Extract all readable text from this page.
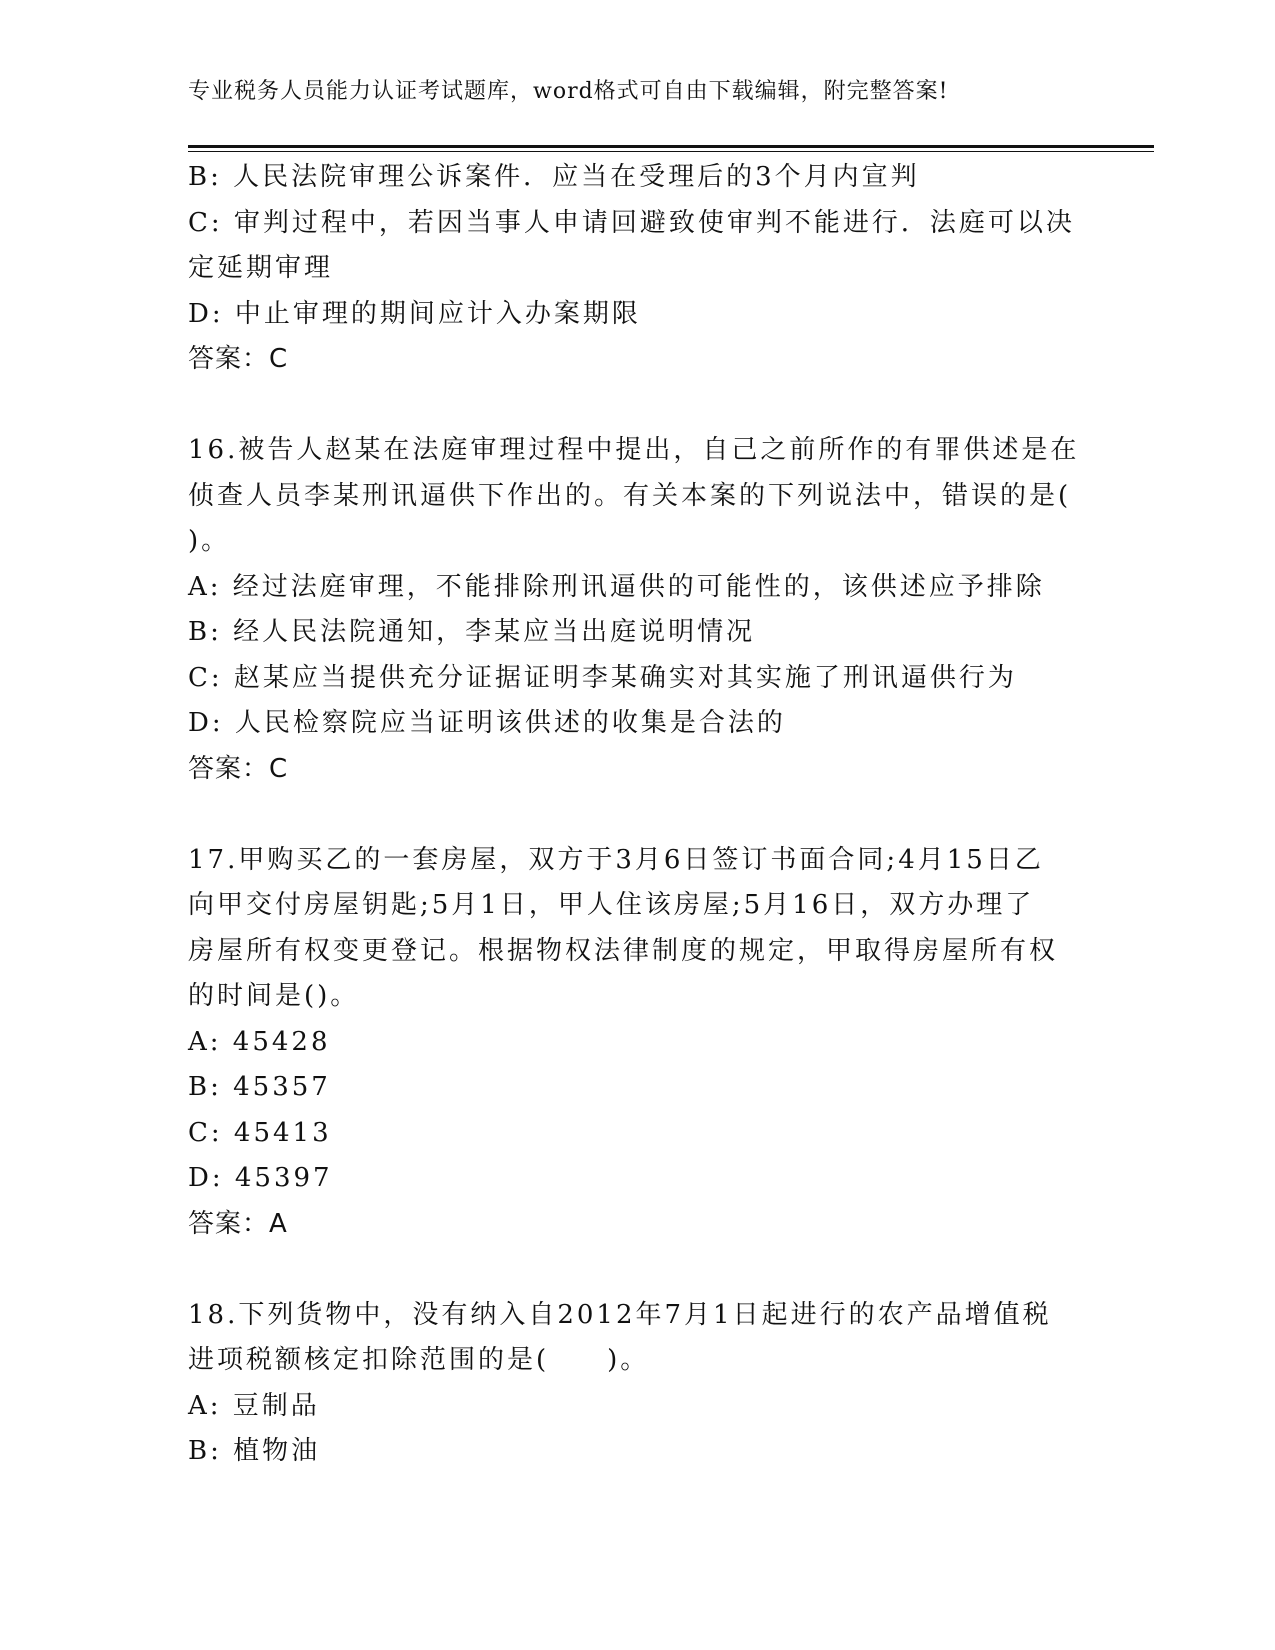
专业税务人员能力认证考试题库，word格式可自由下载编辑，附完整答案!
B: 人民法院审理公诉案件．应当在受理后的3个月内宣判
C: 审判过程中，若因当事人申请回避致使审判不能进行．法庭可以决
定延期审理
D: 中止审理的期间应计入办案期限
答案：C
16.被告人赵某在法庭审理过程中提出，自己之前所作的有罪供述是在
侦查人员李某刑讯逼供下作出的。有关本案的下列说法中，错误的是(
)。
A: 经过法庭审理，不能排除刑讯逼供的可能性的，该供述应予排除
B: 经人民法院通知，李某应当出庭说明情况
C: 赵某应当提供充分证据证明李某确实对其实施了刑讯逼供行为
D: 人民检察院应当证明该供述的收集是合法的
答案：C
17.甲购买乙的一套房屋，双方于3月6日签订书面合同;4月15日乙
向甲交付房屋钥匙;5月1日，甲人住该房屋;5月16日，双方办理了
房屋所有权变更登记。根据物权法律制度的规定，甲取得房屋所有权
的时间是()。
A: 45428
B: 45357
C: 45413
D: 45397
答案：A
18.下列货物中，没有纳入自2012年7月1日起进行的农产品增值税
进项税额核定扣除范围的是(　　)。
A: 豆制品
B: 植物油
